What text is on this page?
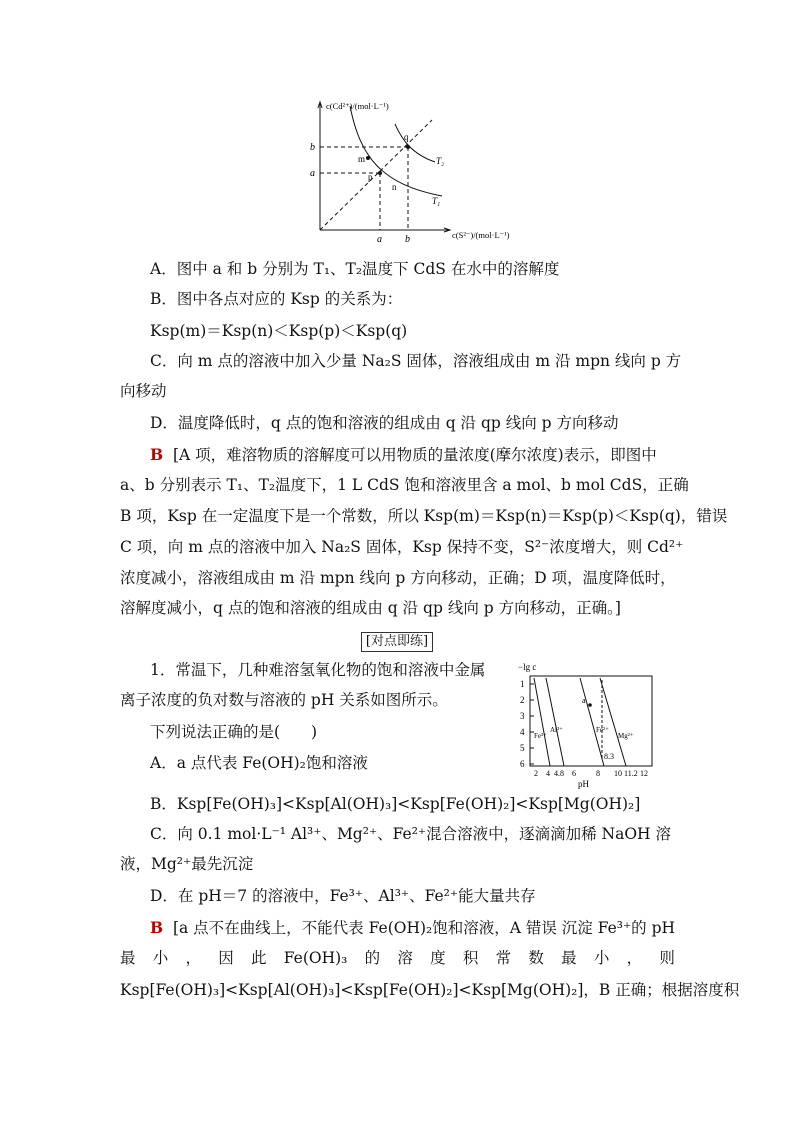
c(Cd²⁺)/(mol·L⁻¹)
c(S²⁻)/(mol·L⁻¹)
b
a
a b
m
p
n
q
T₁
T₂
A．图中 a 和 b 分别为 T₁、T₂温度下 CdS 在水中的溶解度
B．图中各点对应的 Ksp 的关系为：
Ksp(m)＝Ksp(n)＜Ksp(p)＜Ksp(q)
C．向 m 点的溶液中加入少量 Na₂S 固体，溶液组成由 m 沿 mpn 线向 p 方
向移动
D．温度降低时，q 点的饱和溶液的组成由 q 沿 qp 线向 p 方向移动
B [A 项，难溶物质的溶解度可以用物质的量浓度(摩尔浓度)表示，即图中
a、b 分别表示 T₁、T₂温度下，1 L CdS 饱和溶液里含 a mol、b mol CdS，正确
B 项，Ksp 在一定温度下是一个常数，所以 Ksp(m)＝Ksp(n)＝Ksp(p)＜Ksp(q)，错误
C 项，向 m 点的溶液中加入 Na₂S 固体，Ksp 保持不变，S²⁻浓度增大，则 Cd²⁺
浓度减小，溶液组成由 m 沿 mpn 线向 p 方向移动，正确；D 项，温度降低时，
溶解度减小，q 点的饱和溶液的组成由 q 沿 qp 线向 p 方向移动，正确。]
[对点即练]
1．常温下，几种难溶氢氧化物的饱和溶液中金属
离子浓度的负对数与溶液的 pH 关系如图所示。
下列说法正确的是(　　)
A．a 点代表 Fe(OH)₂饱和溶液
−lg c
1
2
3
4
5
6
2 4 4.8 6	8 10 11.2 12
pH
Fe³⁺
Al³⁺	Fe²⁺
Mg²⁺
a
8.3
B．Ksp[Fe(OH)₃]<Ksp[Al(OH)₃]<Ksp[Fe(OH)₂]<Ksp[Mg(OH)₂]
C．向 0.1 mol·L⁻¹ Al³⁺、Mg²⁺、Fe²⁺混合溶液中，逐滴滴加稀 NaOH 溶
液，Mg²⁺最先沉淀
D．在 pH＝7 的溶液中，Fe³⁺、Al³⁺、Fe²⁺能大量共存
B [a 点不在曲线上，不能代表 Fe(OH)₂饱和溶液，A 错误 沉淀 Fe³⁺的 pH
最 小 ， 因 此 Fe(OH)₃ 的 溶 度 积 常 数 最 小 ， 则
Ksp[Fe(OH)₃]<Ksp[Al(OH)₃]<Ksp[Fe(OH)₂]<Ksp[Mg(OH)₂]，B 正确；根据溶度积
